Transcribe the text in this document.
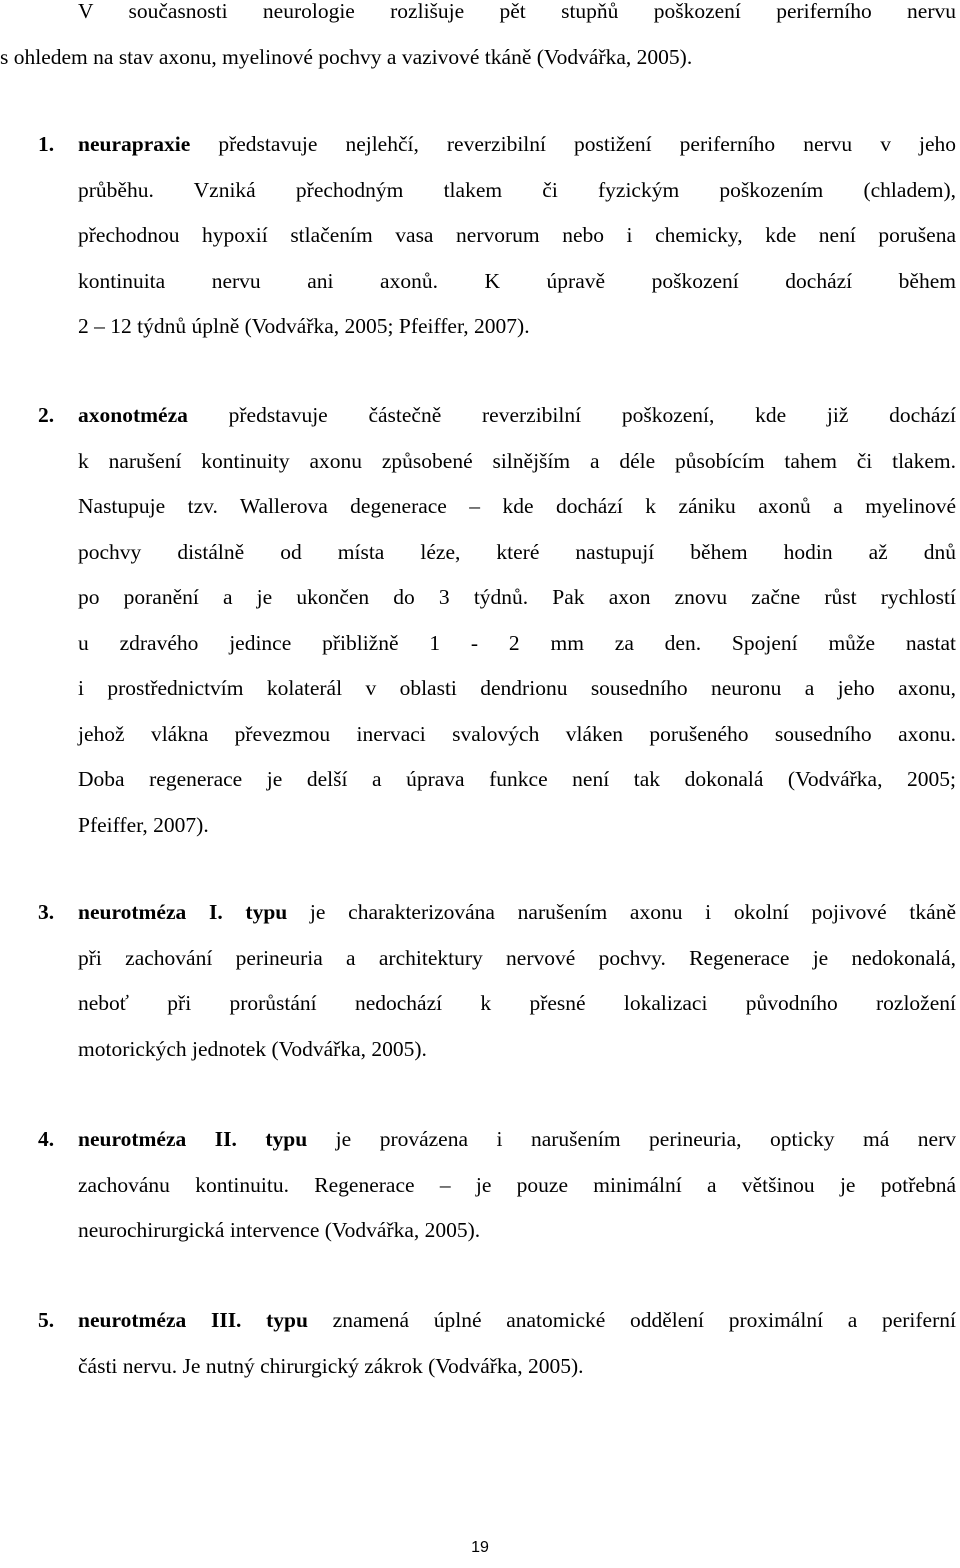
V současnosti neurologie rozlišuje pět stupňů poškození periferního nervu
s ohledem na stav axonu, myelinové pochvy a vazivové tkáně (Vodvářka, 2005).

1.	neurapraxie představuje nejlehčí, reverzibilní postižení periferního nervu v jeho
průběhu. Vzniká přechodným tlakem či fyzickým poškozením (chladem),
přechodnou hypoxií stlačením vasa nervorum nebo i chemicky, kde není porušena
kontinuita nervu ani axonů. K úpravě poškození dochází během
2 – 12 týdnů úplně (Vodvářka, 2005; Pfeiffer, 2007).
2.	axonotméza představuje částečně reverzibilní poškození, kde již dochází
k narušení kontinuity axonu způsobené silnějším a déle působícím tahem či tlakem.
Nastupuje tzv. Wallerova degenerace – kde dochází k zániku axonů a myelinové
pochvy distálně od místa léze, které nastupují během hodin až dnů
po poranění a je ukončen do 3 týdnů. Pak axon znovu začne růst rychlostí
u zdravého jedince přibližně 1 - 2 mm za den. Spojení může nastat
i prostřednictvím kolaterál v oblasti dendrionu sousedního neuronu a jeho axonu,
jehož vlákna převezmou inervaci svalových vláken porušeného sousedního axonu.
Doba regenerace je delší a úprava funkce není tak dokonalá (Vodvářka, 2005;
Pfeiffer, 2007).
3.	neurotméza I. typu je charakterizována narušením axonu i okolní pojivové tkáně
při zachování perineuria a architektury nervové pochvy. Regenerace je nedokonalá,
neboť při prorůstání nedochází k přesné lokalizaci původního rozložení
motorických jednotek (Vodvářka, 2005).
4.	neurotméza II. typu je provázena i narušením perineuria, opticky má nerv
zachovánu kontinuitu. Regenerace – je pouze minimální a většinou je potřebná
neurochirurgická intervence (Vodvářka, 2005).
5.	neurotméza III. typu znamená úplné anatomické oddělení proximální a periferní
části nervu. Je nutný chirurgický zákrok (Vodvářka, 2005).
19
